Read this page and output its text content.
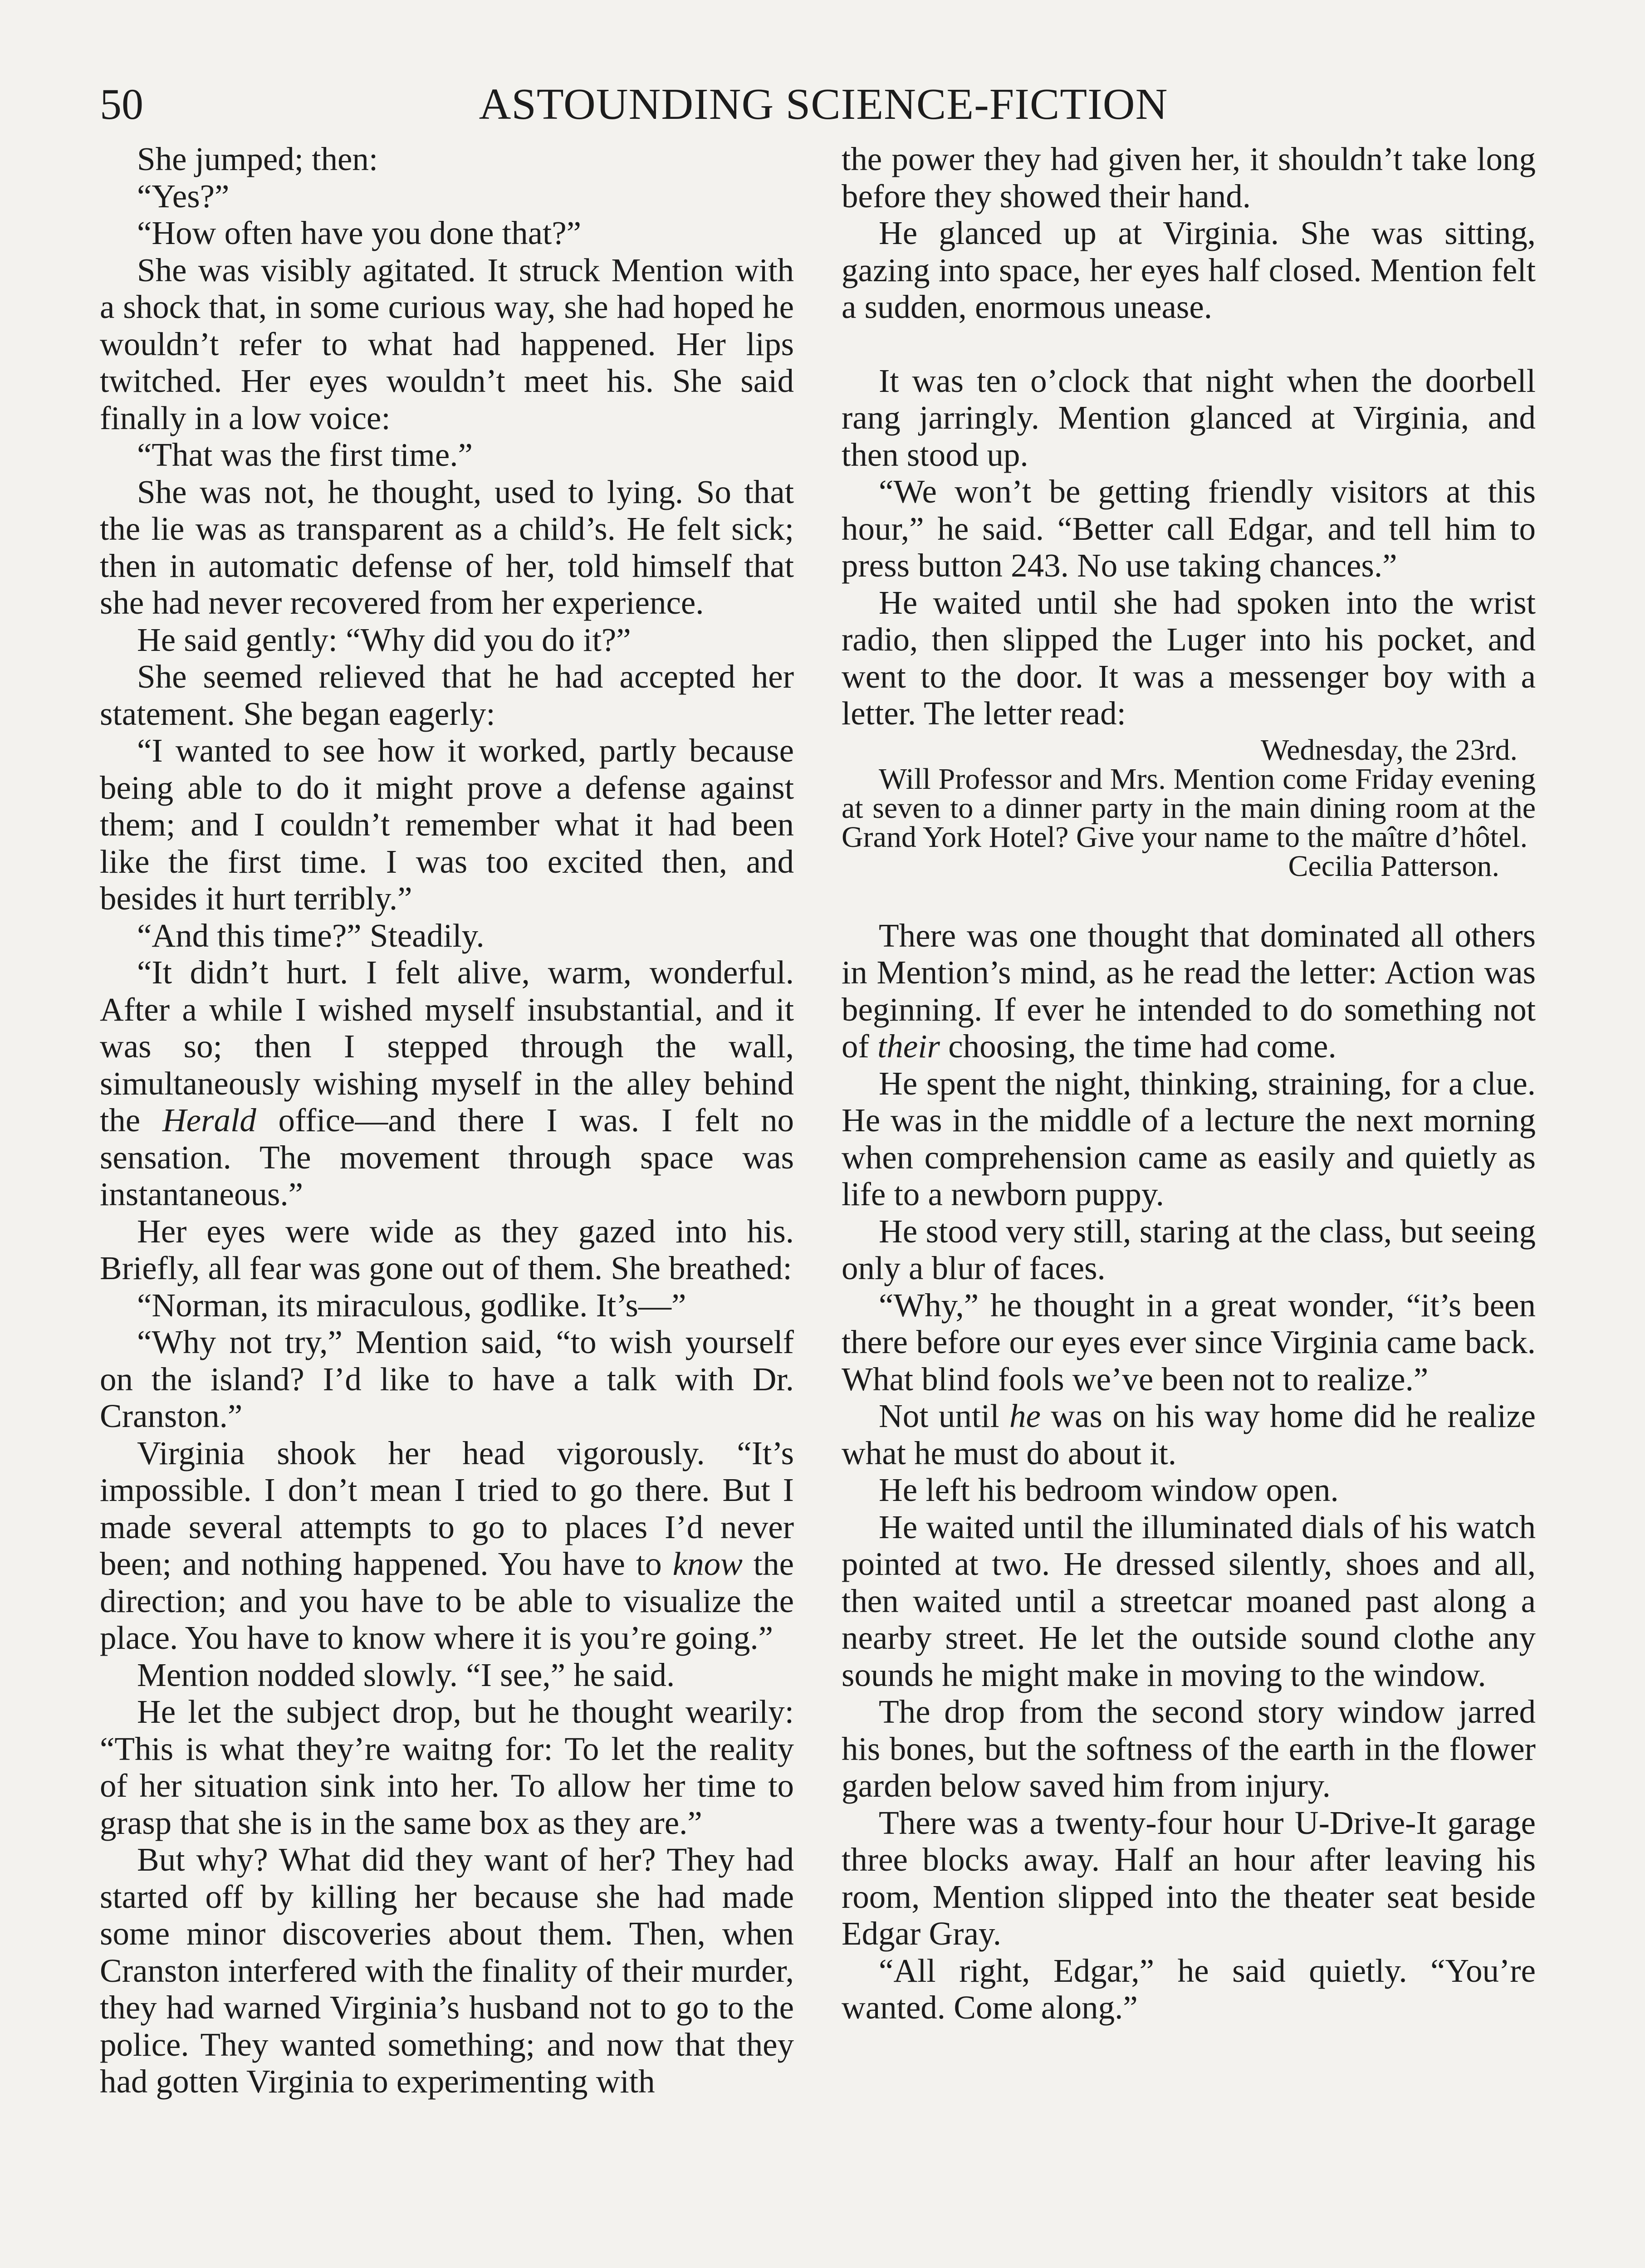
50	ASTOUNDING SCIENCE-FICTION

She jumped; then:

“Yes?”

“How often have you done that?”

She was visibly agitated. It struck Mention with a shock that, in some curious way, she had hoped he wouldn’t refer to what had happened. Her lips twitched. Her eyes wouldn’t meet his. She said finally in a low voice:

“That was the first time.”

She was not, he thought, used to lying. So that the lie was as transparent as a child’s. He felt sick; then in automatic defense of her, told himself that she had never recovered from her experience.

He said gently: “Why did you do it?”

She seemed relieved that he had accepted her statement. She began eagerly:

“I wanted to see how it worked, partly because being able to do it might prove a defense against them; and I couldn’t remember what it had been like the first time. I was too excited then, and besides it hurt terribly.”

“And this time?” Steadily.

“It didn’t hurt. I felt alive, warm, wonderful. After a while I wished myself insubstantial, and it was so; then I stepped through the wall, simultaneously wishing myself in the alley behind the Herald office—and there I was. I felt no sensation. The movement through space was instantaneous.”

Her eyes were wide as they gazed into his. Briefly, all fear was gone out of them. She breathed:

“Norman, its miraculous, godlike. It’s—”

“Why not try,” Mention said, “to wish yourself on the island? I’d like to have a talk with Dr. Cranston.”

Virginia shook her head vigorously. “It’s impossible. I don’t mean I tried to go there. But I made several attempts to go to places I’d never been; and nothing happened. You have to know the direction; and you have to be able to visualize the place. You have to know where it is you’re going.”

Mention nodded slowly. “I see,” he said.

He let the subject drop, but he thought wearily: “This is what they’re waitng for: To let the reality of her situation sink into her. To allow her time to grasp that she is in the same box as they are.”

But why? What did they want of her? They had started off by killing her because she had made some minor discoveries about them. Then, when Cranston interfered with the finality of their murder, they had warned Virginia’s husband not to go to the police. They wanted something; and now that they had gotten Virginia to experimenting with

the power they had given her, it shouldn’t take long before they showed their hand.

He glanced up at Virginia. She was sitting, gazing into space, her eyes half closed. Mention felt a sudden, enormous unease.

It was ten o’clock that night when the doorbell rang jarringly. Mention glanced at Virginia, and then stood up.

“We won’t be getting friendly visitors at this hour,” he said. “Better call Edgar, and tell him to press button 243. No use taking chances.”

He waited until she had spoken into the wrist radio, then slipped the Luger into his pocket, and went to the door. It was a messenger boy with a letter. The letter read:

Wednesday, the 23rd.

Will Professor and Mrs. Mention come Friday evening at seven to a dinner party in the main dining room at the Grand York Hotel? Give your name to the maître d’hôtel.

Cecilia Patterson.

There was one thought that dominated all others in Mention’s mind, as he read the letter: Action was beginning. If ever he intended to do something not of their choosing, the time had come.

He spent the night, thinking, straining, for a clue. He was in the middle of a lecture the next morning when comprehension came as easily and quietly as life to a newborn puppy.

He stood very still, staring at the class, but seeing only a blur of faces.

“Why,” he thought in a great wonder, “it’s been there before our eyes ever since Virginia came back. What blind fools we’ve been not to realize.”

Not until he was on his way home did he realize what he must do about it.

He left his bedroom window open.

He waited until the illuminated dials of his watch pointed at two. He dressed silently, shoes and all, then waited until a streetcar moaned past along a nearby street. He let the outside sound clothe any sounds he might make in moving to the window.

The drop from the second story window jarred his bones, but the softness of the earth in the flower garden below saved him from injury.

There was a twenty-four hour U-Drive-It garage three blocks away. Half an hour after leaving his room, Mention slipped into the theater seat beside Edgar Gray.

“All right, Edgar,” he said quietly. “You’re wanted. Come along.”
